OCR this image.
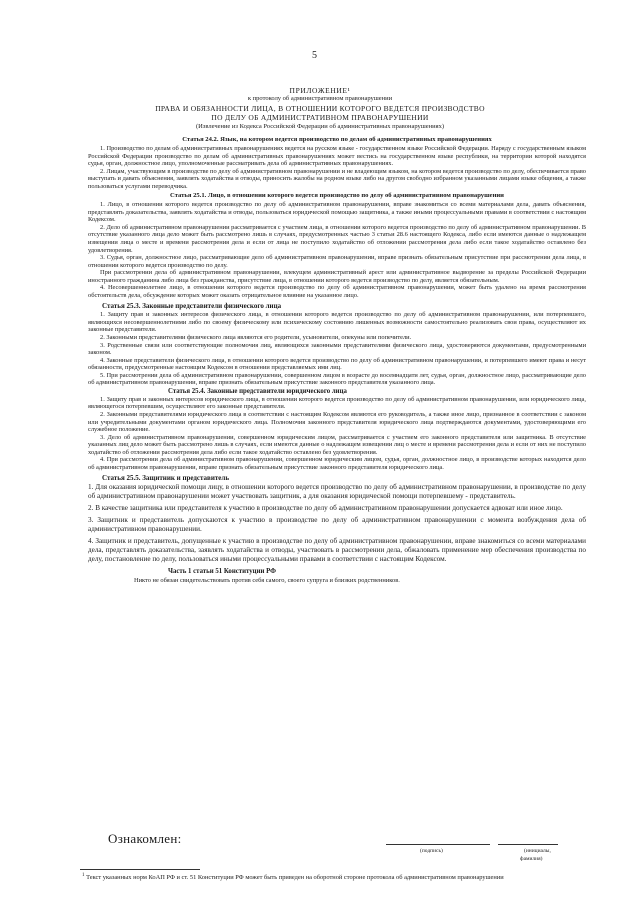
5
ПРИЛОЖЕНИЕ¹
к протоколу об административном правонарушении
ПРАВА И ОБЯЗАННОСТИ ЛИЦА, В ОТНОШЕНИИ КОТОРОГО ВЕДЕТСЯ ПРОИЗВОДСТВО
ПО ДЕЛУ ОБ АДМИНИСТРАТИВНОМ ПРАВОНАРУШЕНИИ
(Извлечение из Кодекса Российской Федерации об административных правонарушениях)

Статья 24.2. Язык, на котором ведется производство по делам об административных правонарушениях

1. Производство по делам об административных правонарушениях ведется на русском языке - государственном языке Российской Федерации. Наряду с государственным языком Российской Федерации производство по делам об административных правонарушениях может вестись на государственном языке республики, на территории которой находятся судья, орган, должностное лицо, уполномоченные рассматривать дела об административных правонарушениях.

2. Лицам, участвующим в производстве по делу об административном правонарушении и не владеющим языком, на котором ведется производство по делу, обеспечивается право выступать и давать объяснения, заявлять ходатайства и отводы, приносить жалобы на родном языке либо на другом свободно избранном указанными лицами языке общения, а также пользоваться услугами переводчика.

Статья 25.1. Лицо, в отношении которого ведется производство по делу об административном правонарушении

1. Лицо, в отношении которого ведется производство по делу об административном правонарушении, вправе знакомиться со всеми материалами дела, давать объяснения, представлять доказательства, заявлять ходатайства и отводы, пользоваться юридической помощью защитника, а также иными процессуальными правами в соответствии с настоящим Кодексом.

2. Дело об административном правонарушении рассматривается с участием лица, в отношении которого ведется производство по делу об административном правонарушении. В отсутствие указанного лица дело может быть рассмотрено лишь в случаях, предусмотренных частью 3 статьи 28.6 настоящего Кодекса, либо если имеются данные о надлежащем извещении лица о месте и времени рассмотрения дела и если от лица не поступило ходатайство об отложении рассмотрения дела либо если такое ходатайство оставлено без удовлетворения.

3. Судья, орган, должностное лицо, рассматривающие дело об административном правонарушении, вправе признать обязательным присутствие при рассмотрении дела лица, в отношении которого ведется производство по делу.

При рассмотрении дела об административном правонарушении, влекущем административный арест или административное выдворение за пределы Российской Федерации иностранного гражданина либо лица без гражданства, присутствие лица, в отношении которого ведется производство по делу, является обязательным.

4. Несовершеннолетнее лицо, в отношении которого ведется производство по делу об административном правонарушении, может быть удалено на время рассмотрения обстоятельств дела, обсуждение которых может оказать отрицательное влияние на указанное лицо.

Статья 25.3. Законные представители физического лица

1. Защиту прав и законных интересов физического лица, в отношении которого ведется производство по делу об административном правонарушении, или потерпевшего, являющихся несовершеннолетними либо по своему физическому или психическому состоянию лишенных возможности самостоятельно реализовать свои права, осуществляют их законные представители.

2. Законными представителями физического лица являются его родители, усыновители, опекуны или попечители.

3. Родственные связи или соответствующие полномочия лиц, являющихся законными представителями физического лица, удостоверяются документами, предусмотренными законом.

4. Законные представители физического лица, в отношении которого ведется производство по делу об административном правонарушении, и потерпевшего имеют права и несут обязанности, предусмотренные настоящим Кодексом в отношении представляемых ими лиц.

5. При рассмотрении дела об административном правонарушении, совершенном лицом в возрасте до восемнадцати лет, судья, орган, должностное лицо, рассматривающие дело об административном правонарушении, вправе признать обязательным присутствие законного представителя указанного лица.

Статья 25.4. Законные представители юридического лица

1. Защиту прав и законных интересов юридического лица, в отношении которого ведется производство по делу об административном правонарушении, или юридического лица, являющегося потерпевшим, осуществляют его законные представители.

2. Законными представителями юридического лица в соответствии с настоящим Кодексом являются его руководитель, а также иное лицо, признанное в соответствии с законом или учредительными документами органом юридического лица. Полномочия законного представителя юридического лица подтверждаются документами, удостоверяющими его служебное положение.

3. Дело об административном правонарушении, совершенном юридическим лицом, рассматривается с участием его законного представителя или защитника. В отсутствие указанных лиц дело может быть рассмотрено лишь в случаях, если имеются данные о надлежащем извещении лиц о месте и времени рассмотрения дела и если от них не поступило ходатайство об отложении рассмотрения дела либо если такое ходатайство оставлено без удовлетворения.

4. При рассмотрении дела об административном правонарушении, совершенном юридическим лицом, судья, орган, должностное лицо, в производстве которых находится дело об административном правонарушении, вправе признать обязательным присутствие законного представителя юридического лица.

Статья 25.5. Защитник и представитель

1. Для оказания юридической помощи лицу, в отношении которого ведется производство по делу об административном правонарушении, в производстве по делу об административном правонарушении может участвовать защитник, а для оказания юридической помощи потерпевшему - представитель.

2. В качестве защитника или представителя к участию в производстве по делу об административном правонарушении допускается адвокат или иное лицо.

3. Защитник и представитель допускаются к участию в производстве по делу об административном правонарушении с момента возбуждения дела об административном правонарушении.

4. Защитник и представитель, допущенные к участию в производстве по делу об административном правонарушении, вправе знакомиться со всеми материалами дела, представлять доказательства, заявлять ходатайства и отводы, участвовать в рассмотрении дела, обжаловать применение мер обеспечения производства по делу, постановление по делу, пользоваться иными процессуальными правами в соответствии с настоящим Кодексом.

Часть 1 статьи 51 Конституции РФ

Никто не обязан свидетельствовать против себя самого, своего супруга и близких родственников.

Ознакомлен:
(подпись)	(инициалы,
фамилия)
$^1$ Текст указанных норм КоАП РФ и ст. 51 Конституции РФ может быть приведен на оборотной стороне протокола об административном правонарушении
